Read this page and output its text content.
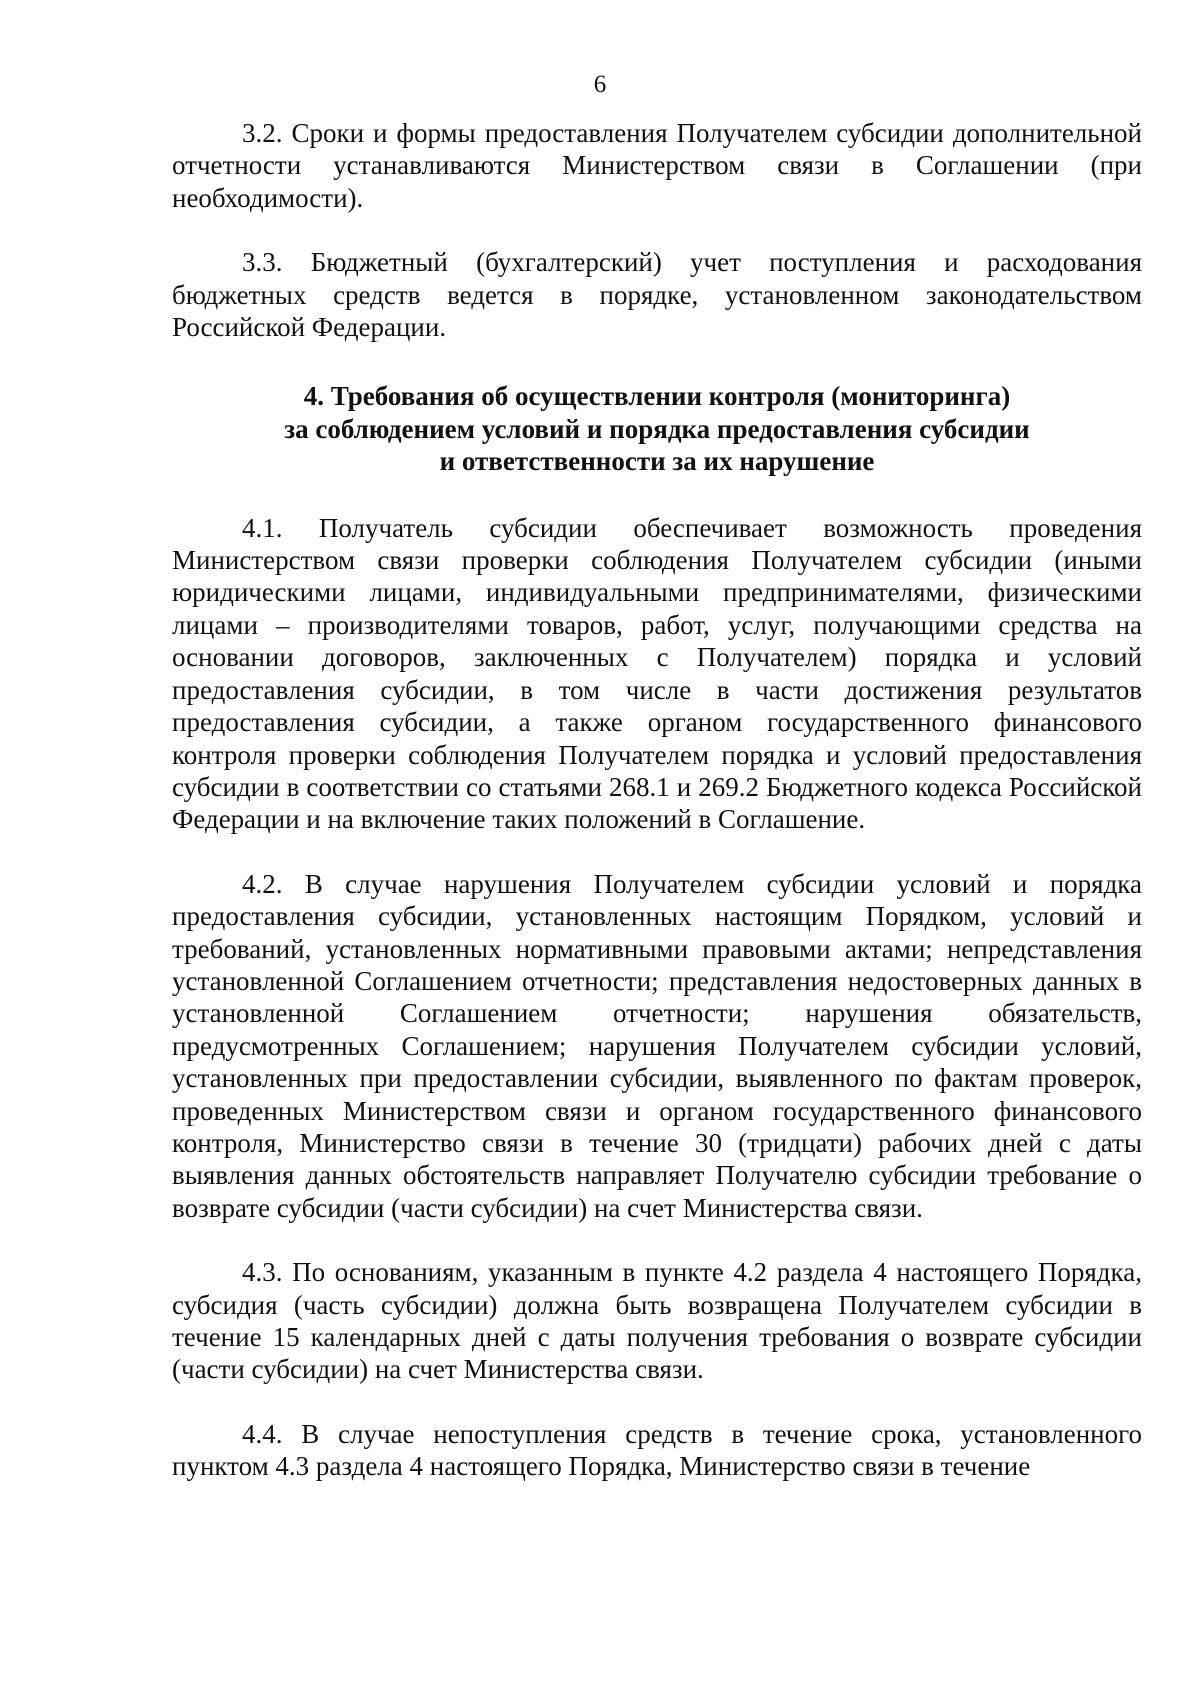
6

3.2. Сроки и формы предоставления Получателем субсидии дополнительной отчетности устанавливаются Министерством связи в Соглашении (при необходимости).

3.3. Бюджетный (бухгалтерский) учет поступления и расходования бюджетных средств ведется в порядке, установленном законодательством Российской Федерации.

4. Требования об осуществлении контроля (мониторинга)
за соблюдением условий и порядка предоставления субсидии
и ответственности за их нарушение

4.1. Получатель субсидии обеспечивает возможность проведения Министерством связи проверки соблюдения Получателем субсидии (иными юридическими лицами, индивидуальными предпринимателями, физическими лицами – производителями товаров, работ, услуг, получающими средства на основании договоров, заключенных с Получателем) порядка и условий предоставления субсидии, в том числе в части достижения результатов предоставления субсидии, а также органом государственного финансового контроля проверки соблюдения Получателем порядка и условий предоставления субсидии в соответствии со статьями 268.1 и 269.2 Бюджетного кодекса Российской Федерации и на включение таких положений в Соглашение.

4.2. В случае нарушения Получателем субсидии условий и порядка предоставления субсидии, установленных настоящим Порядком, условий и требований, установленных нормативными правовыми актами; непредставления установленной Соглашением отчетности; представления недостоверных данных в установленной Соглашением отчетности; нарушения обязательств, предусмотренных Соглашением; нарушения Получателем субсидии условий, установленных при предоставлении субсидии, выявленного по фактам проверок, проведенных Министерством связи и органом государственного финансового контроля, Министерство связи в течение 30 (тридцати) рабочих дней с даты выявления данных обстоятельств направляет Получателю субсидии требование о возврате субсидии (части субсидии) на счет Министерства связи.

4.3. По основаниям, указанным в пункте 4.2 раздела 4 настоящего Порядка, субсидия (часть субсидии) должна быть возвращена Получателем субсидии в течение 15 календарных дней с даты получения требования о возврате субсидии (части субсидии) на счет Министерства связи.

4.4. В случае непоступления средств в течение срока, установленного пунктом 4.3 раздела 4 настоящего Порядка, Министерство связи в течение
